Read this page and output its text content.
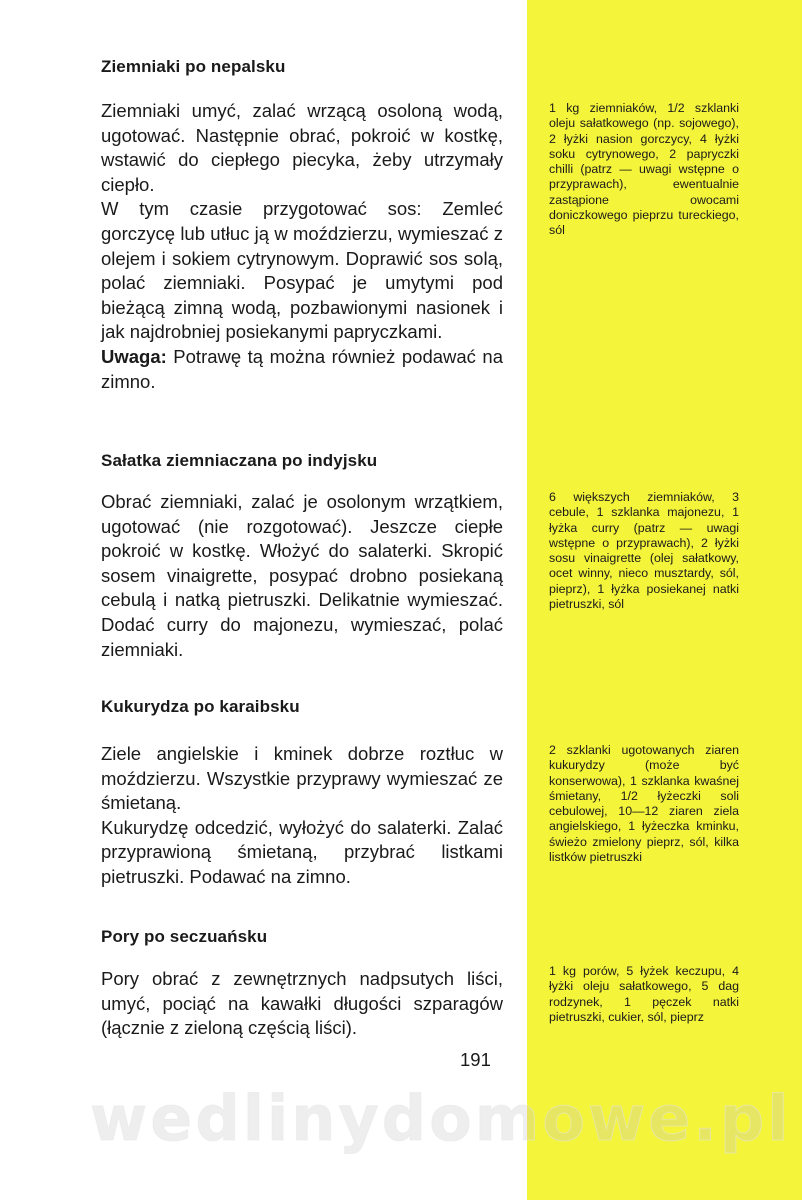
Ziemniaki po nepalsku

Ziemniaki umyć, zalać wrzącą osoloną wodą, ugotować. Następnie obrać, pokroić w kostkę, wstawić do ciepłego piecyka, żeby utrzymały ciepło.

W tym czasie przygotować sos: Zemleć gorczycę lub utłuc ją w moździerzu, wymieszać z olejem i sokiem cytrynowym. Doprawić sos solą, polać ziemniaki. Posypać je umytymi pod bieżącą zimną wodą, pozbawionymi nasionek i jak najdrobniej posiekanymi papryczkami.

Uwaga: Potrawę tą można również podawać na zimno.

1 kg ziemniaków, 1/2 szklanki oleju sałatkowego (np. sojowego), 2 łyżki nasion gorczycy, 4 łyżki soku cytrynowego, 2 papryczki chilli (patrz — uwagi wstępne o przyprawach), ewentualnie zastąpione owocami doniczkowego pieprzu tureckiego, sól
Sałatka ziemniaczana po indyjsku

Obrać ziemniaki, zalać je osolonym wrzątkiem, ugotować (nie rozgotować). Jeszcze ciepłe pokroić w kostkę. Włożyć do salaterki. Skropić sosem vinaigrette, posypać drobno posiekaną cebulą i natką pietruszki. Delikatnie wymieszać. Dodać curry do majonezu, wymieszać, polać ziemniaki.

6 większych ziemniaków, 3 cebule, 1 szklanka majonezu, 1 łyżka curry (patrz — uwagi wstępne o przyprawach), 2 łyżki sosu vinaigrette (olej sałatkowy, ocet winny, nieco musztardy, sól, pieprz), 1 łyżka posiekanej natki pietruszki, sól
Kukurydza po karaibsku

Ziele angielskie i kminek dobrze roztłuc w moździerzu. Wszystkie przyprawy wymieszać ze śmietaną.

Kukurydzę odcedzić, wyłożyć do salaterki. Zalać przyprawioną śmietaną, przybrać listkami pietruszki. Podawać na zimno.

2 szklanki ugotowanych ziaren kukurydzy (może być konserwowa), 1 szklanka kwaśnej śmietany, 1/2 łyżeczki soli cebulowej, 10—12 ziaren ziela angielskiego, 1 łyżeczka kminku, świeżo zmielony pieprz, sól, kilka listków pietruszki
Pory po seczuańsku

Pory obrać z zewnętrznych nadpsutych liści, umyć, pociąć na kawałki długości szparagów (łącznie z zieloną częścią liści).

1 kg porów, 5 łyżek keczupu, 4 łyżki oleju sałatkowego, 5 dag rodzynek, 1 pęczek natki pietruszki, cukier, sól, pieprz
191
wedlinydomowe.pl
